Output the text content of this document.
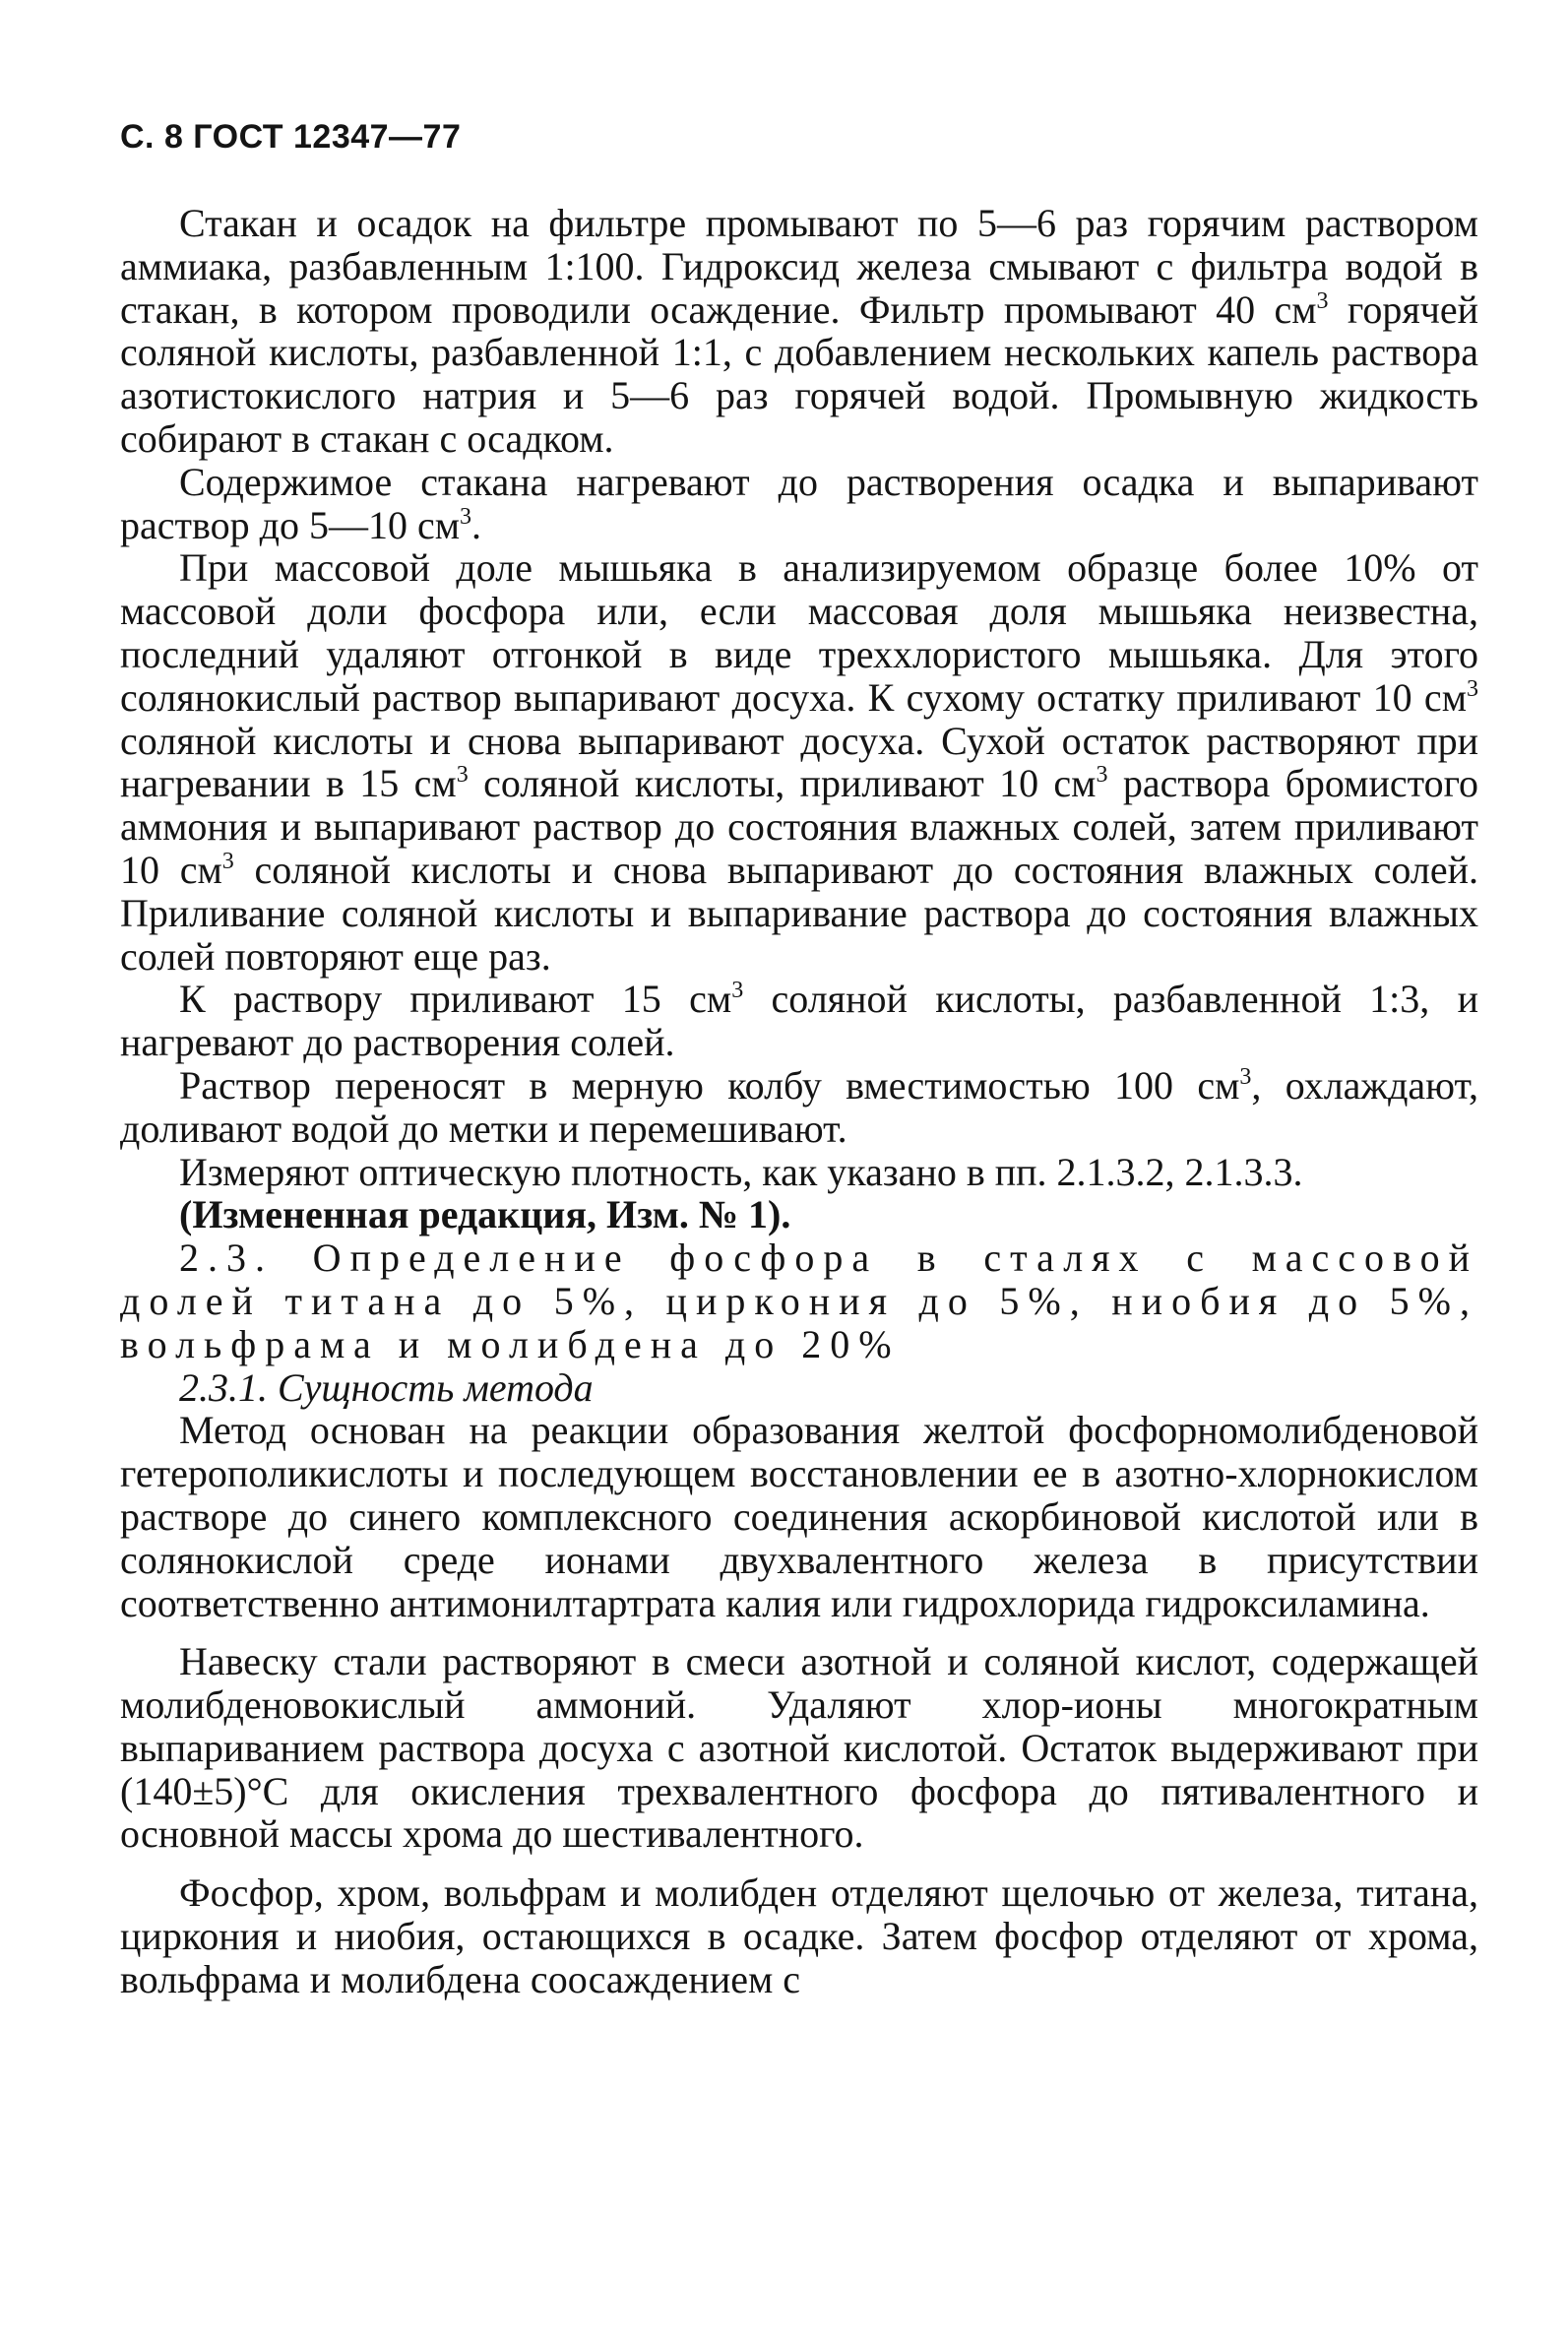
С. 8 ГОСТ 12347—77

Стакан и осадок на фильтре промывают по 5—6 раз горячим раствором аммиака, разбавленным 1:100. Гидроксид железа смывают с фильтра водой в стакан, в котором проводили осаждение. Фильтр промывают 40 $см^3$ горячей соляной кислоты, разбавленной 1:1, с добавлением нескольких капель раствора азотистокислого натрия и 5—6 раз горячей водой. Промывную жидкость собирают в стакан с осадком.

Содержимое стакана нагревают до растворения осадка и выпаривают раствор до 5—10 $см^3$.

При массовой доле мышьяка в анализируемом образце более 10% от массовой доли фосфора или, если массовая доля мышьяка неизвестна, последний удаляют отгонкой в виде треххлористого мышьяка. Для этого солянокислый раствор выпаривают досуха. К сухому остатку приливают 10 $см^3$ соляной кислоты и снова выпаривают досуха. Сухой остаток растворяют при нагревании в 15 $см^3$ соляной кислоты, приливают 10 $см^3$ раствора бромистого аммония и выпаривают раствор до состояния влажных солей, затем приливают 10 $см^3$ соляной кислоты и снова выпаривают до состояния влажных солей. Приливание соляной кислоты и выпаривание раствора до состояния влажных солей повторяют еще раз.

К раствору приливают 15 $см^3$ соляной кислоты, разбавленной 1:3, и нагревают до растворения солей.

Раствор переносят в мерную колбу вместимостью 100 $см^3$, охлаждают, доливают водой до метки и перемешивают.

Измеряют оптическую плотность, как указано в пп. 2.1.3.2, 2.1.3.3.

(Измененная редакция, Изм. № 1).

2.3. Определение фосфора в сталях с массовой долей титана до 5%, циркония до 5%, ниобия до 5%, вольфрама и молибдена до 20%

2.3.1. Сущность метода

Метод основан на реакции образования желтой фосфорномолибденовой гетерополикислоты и последующем восстановлении ее в азотно-хлорнокислом растворе до синего комплексного соединения аскорбиновой кислотой или в солянокислой среде ионами двухвалентного железа в присутствии соответственно антимонилтартрата калия или гидрохлорида гидроксиламина.

Навеску стали растворяют в смеси азотной и соляной кислот, содержащей молибденовокислый аммоний. Удаляют хлор-ионы многократным выпариванием раствора досуха с азотной кислотой. Остаток выдерживают при (140±5)°С для окисления трехвалентного фосфора до пятивалентного и основной массы хрома до шестивалентного.

Фосфор, хром, вольфрам и молибден отделяют щелочью от железа, титана, циркония и ниобия, остающихся в осадке. Затем фосфор отделяют от хрома, вольфрама и молибдена соосаждением с
